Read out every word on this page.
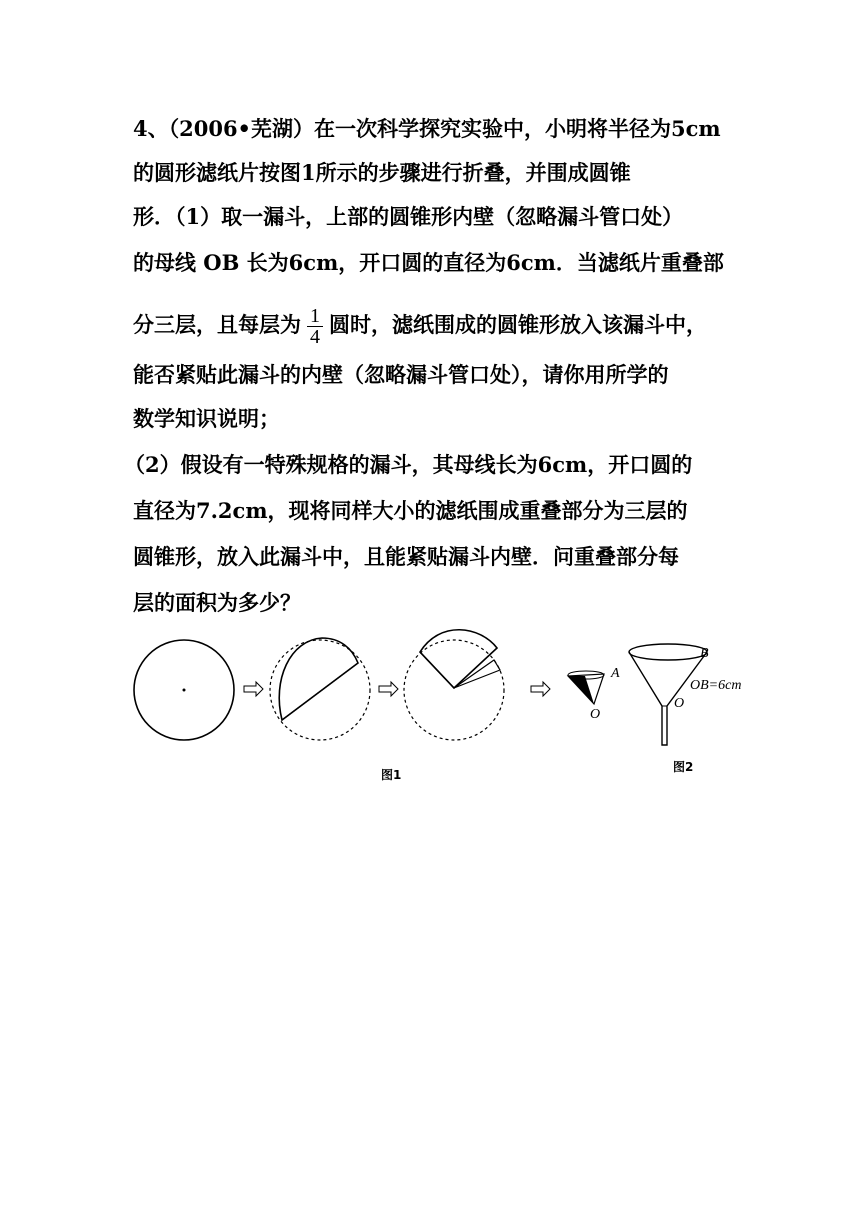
4、（2006•芜湖）在一次科学探究实验中，小明将半径为5cm
的圆形滤纸片按图1所示的步骤进行折叠，并围成圆锥
形．（1）取一漏斗，上部的圆锥形内壁（忽略漏斗管口处）
的母线 OB 长为6cm，开口圆的直径为6cm．当滤纸片重叠部
分三层，且每层为 $\frac{1}{4}$ 圆时，滤纸围成的圆锥形放入该漏斗中，
能否紧贴此漏斗的内壁（忽略漏斗管口处），请你用所学的
数学知识说明；
（2）假设有一特殊规格的漏斗，其母线长为6cm，开口圆的
直径为7.2cm，现将同样大小的滤纸围成重叠部分为三层的
圆锥形，放入此漏斗中，且能紧贴漏斗内壁．问重叠部分每
层的面积为多少？
A
O
B
O
OB=6cm
图1
图2
